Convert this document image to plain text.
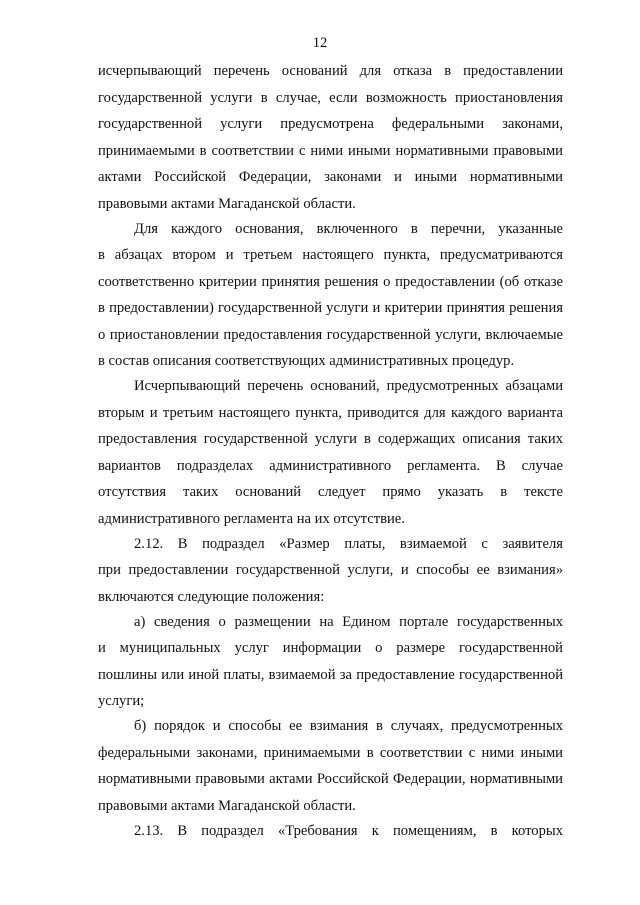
12
исчерпывающий перечень оснований для отказа в предоставлении
государственной услуги в случае, если возможность приостановления
государственной услуги предусмотрена федеральными законами,
принимаемыми в соответствии с ними иными нормативными правовыми
актами Российской Федерации, законами и иными нормативными
правовыми актами Магаданской области.
Для каждого основания, включенного в перечни, указанные
в абзацах втором и третьем настоящего пункта, предусматриваются
соответственно критерии принятия решения о предоставлении (об отказе
в предоставлении) государственной услуги и критерии принятия решения
о приостановлении предоставления государственной услуги, включаемые
в состав описания соответствующих административных процедур.
Исчерпывающий перечень оснований, предусмотренных абзацами
вторым и третьим настоящего пункта, приводится для каждого варианта
предоставления государственной услуги в содержащих описания таких
вариантов подразделах административного регламента. В случае
отсутствия таких оснований следует прямо указать в тексте
административного регламента на их отсутствие.
2.12. В подраздел «Размер платы, взимаемой с заявителя
при предоставлении государственной услуги, и способы ее взимания»
включаются следующие положения:
а) сведения о размещении на Едином портале государственных
и муниципальных услуг информации о размере государственной
пошлины или иной платы, взимаемой за предоставление государственной
услуги;
б) порядок и способы ее взимания в случаях, предусмотренных
федеральными законами, принимаемыми в соответствии с ними иными
нормативными правовыми актами Российской Федерации, нормативными
правовыми актами Магаданской области.
2.13. В подраздел «Требования к помещениям, в которых
